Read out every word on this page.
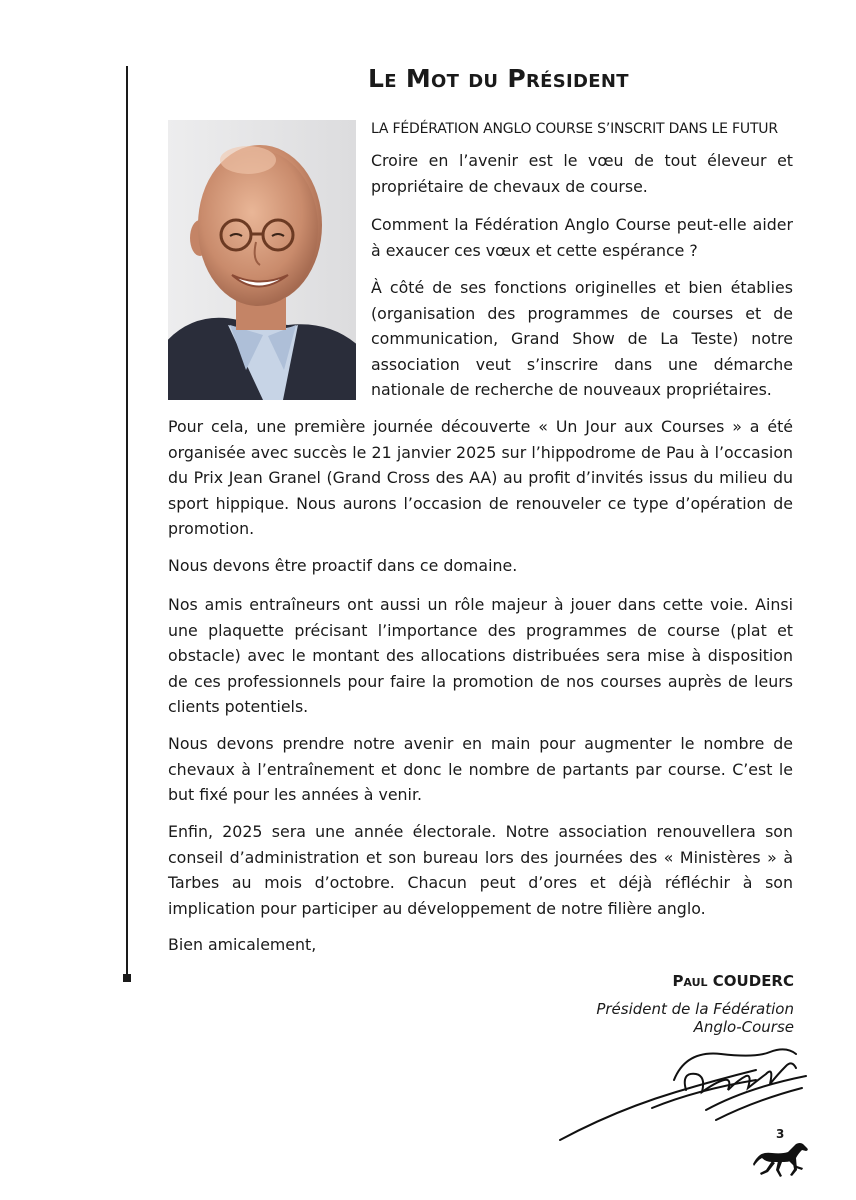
Le Mot du Président
LA FÉDÉRATION ANGLO COURSE S’INSCRIT DANS LE FUTUR

Croire en l’avenir est le vœu de tout éleveur et propriétaire de chevaux de course.

Comment la Fédération Anglo Course peut-elle aider à exaucer ces vœux et cette espérance ?

À côté de ses fonctions originelles et bien établies (organisation des programmes de courses et de communication, Grand Show de La Teste) notre association veut s’inscrire dans une démarche nationale de recherche de nouveaux propriétaires.

Pour cela, une première journée découverte « Un Jour aux Courses » a été organisée avec succès le 21 janvier 2025 sur l’hippodrome de Pau à l’occasion du Prix Jean Granel (Grand Cross des AA) au profit d’invités issus du milieu du sport hippique. Nous aurons l’occasion de renouveler ce type d’opération de promotion.

Nous devons être proactif dans ce domaine.

Nos amis entraîneurs ont aussi un rôle majeur à jouer dans cette voie. Ainsi une plaquette précisant l’importance des programmes de course (plat et obstacle) avec le montant des allocations distribuées sera mise à disposition de ces professionnels pour faire la promotion de nos courses auprès de leurs clients potentiels.

Nous devons prendre notre avenir en main pour augmenter le nombre de chevaux à l’entraînement et donc le nombre de partants par course. C’est le but fixé pour les années à venir.

Enfin, 2025 sera une année électorale. Notre association renouvellera son conseil d’administration et son bureau lors des journées des « Ministères » à Tarbes au mois d’octobre. Chacun peut d’ores et déjà réfléchir à son implication pour participer au développement de notre filière anglo.

Bien amicalement,

Paul COUDERC
Président de la Fédération
Anglo-Course
3
